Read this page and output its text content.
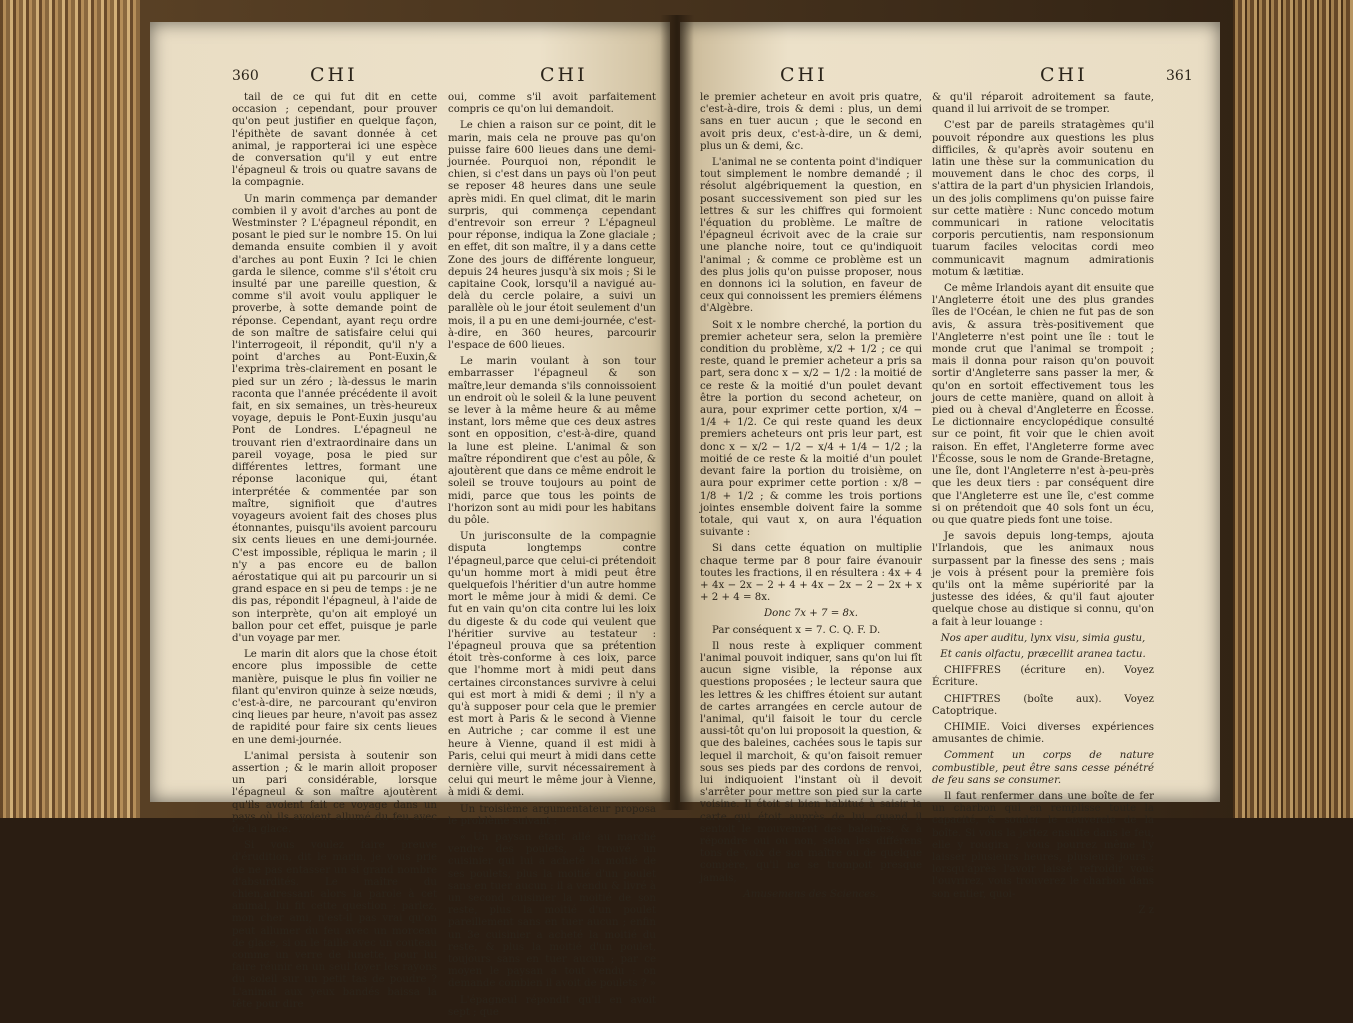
360	CHI	CHI

tail de ce qui fut dit en cette occasion ; cependant, pour prouver qu'on peut justifier en quelque façon, l'épithète de savant donnée à cet animal, je rapporterai ici une espèce de conversation qu'il y eut entre l'épagneul & trois ou quatre savans de la compagnie.

Un marin commença par demander combien il y avoit d'arches au pont de Westminster ? L'épagneul répondit, en posant le pied sur le nombre 15. On lui demanda ensuite combien il y avoit d'arches au pont Euxin ? Ici le chien garda le silence, comme s'il s'étoit cru insulté par une pareille question, & comme s'il avoit voulu appliquer le proverbe, à sotte demande point de réponse. Cependant, ayant reçu ordre de son maître de satisfaire celui qui l'interrogeoit, il répondit, qu'il n'y a point d'arches au Pont-Euxin,& l'exprima très-clairement en posant le pied sur un zéro ; là-dessus le marin raconta que l'année précédente il avoit fait, en six semaines, un très-heureux voyage, depuis le Pont-Euxin jusqu'au Pont de Londres. L'épagneul ne trouvant rien d'extraordinaire dans un pareil voyage, posa le pied sur différentes lettres, formant une réponse laconique qui, étant interprétée & commentée par son maître, signifioit que d'autres voyageurs avoient fait des choses plus étonnantes, puisqu'ils avoient parcouru six cents lieues en une demi-journée. C'est impossible, répliqua le marin ; il n'y a pas encore eu de ballon aérostatique qui ait pu parcourir un si grand espace en si peu de temps : je ne dis pas, répondit l'épagneul, à l'aide de son interprète, qu'on ait employé un ballon pour cet effet, puisque je parle d'un voyage par mer.

Le marin dit alors que la chose étoit encore plus impossible de cette manière, puisque le plus fin voilier ne filant qu'environ quinze à seize nœuds, c'est-à-dire, ne parcourant qu'environ cinq lieues par heure, n'avoit pas assez de rapidité pour faire six cents lieues en une demi-journée.

L'animal persista à soutenir son assertion ; & le marin alloit proposer un pari considérable, lorsque l'épagneul & son maître ajoutèrent qu'ils avoient fait ce voyage dans un pays où ils avoient allumé du feu avec de la glace.

Si vous voulez faire preuve d'érudition, dit le marin, je vous prie de ne pas entasser un si grand nombre d'absurdités. Le maître du chien,adressant alors la parole à cet animal, lui fit cette question : parlez, mon cher ami, n'est-il pas vrai qu'on peut allumer du feu avec un morceau de glace, si on le taille avec un couteau comme un verre de lunette, pour lui faire réunir en un seul foyer les rayons du soleil sur un petit tas de poudre ? L'animal aux yeux bandés baissa la tête pour dire

oui, comme s'il avoit parfaitement compris ce qu'on lui demandoit.

Le chien a raison sur ce point, dit le marin, mais cela ne prouve pas qu'on puisse faire 600 lieues dans une demi-journée. Pourquoi non, répondit le chien, si c'est dans un pays où l'on peut se reposer 48 heures dans une seule après midi. En quel climat, dit le marin surpris, qui commença cependant d'entrevoir son erreur ? L'épagneul pour réponse, indiqua la Zone glaciale ; en effet, dit son maître, il y a dans cette Zone des jours de différente longueur, depuis 24 heures jusqu'à six mois ; Si le capitaine Cook, lorsqu'il a navigué au-delà du cercle polaire, a suivi un parallèle où le jour étoit seulement d'un mois, il a pu en une demi-journée, c'est-à-dire, en 360 heures, parcourir l'espace de 600 lieues.

Le marin voulant à son tour embarrasser l'épagneul & son maître,leur demanda s'ils connoissoient un endroit où le soleil & la lune peuvent se lever à la même heure & au même instant, lors même que ces deux astres sont en opposition, c'est-à-dire, quand la lune est pleine. L'animal & son maître répondirent que c'est au pôle, & ajoutèrent que dans ce même endroit le soleil se trouve toujours au point de midi, parce que tous les points de l'horizon sont au midi pour les habitans du pôle.

Un jurisconsulte de la compagnie disputa longtemps contre l'épagneul,parce que celui-ci prétendoit qu'un homme mort à midi peut être quelquefois l'héritier d'un autre homme mort le même jour à midi & demi. Ce fut en vain qu'on cita contre lui les loix du digeste & du code qui veulent que l'héritier survive au testateur : l'épagneul prouva que sa prétention étoit très-conforme à ces loix, parce que l'homme mort à midi peut dans certaines circonstances survivre à celui qui est mort à midi & demi ; il n'y a qu'à supposer pour cela que le premier est mort à Paris & le second à Vienne en Autriche ; car comme il est une heure à Vienne, quand il est midi à Paris, celui qui meurt à midi dans cette dernière ville, survit nécessairement à celui qui meurt le même jour à Vienne, à midi & demi.

Un troisième argumentateur proposa le problème suivant :

« Un paysan étant allé au marché vendre des poulets, a trouvé un cuisinier qui lui a acheté la moitié de ses poulets, plus la moitié d'un poulet sans en tuer aucun : il a vendu & livré à un second cuisinier la moitié de son reste, plus la moitié d'un poulet pareillement sans en tuer aucun ; enfin un 3e cuisinier a acheté la moitié du reste, & plus la moitié d'un poulet, toujours sans en tuer aucun ; par ce moyen le paysan a tout vendu : on demande combien il avoit de poulets ? »

L'épagneul répondit qu'il en avoit sept ; que

CHI	CHI	361

le premier acheteur en avoit pris quatre, c'est-à-dire, trois & demi : plus, un demi sans en tuer aucun ; que le second en avoit pris deux, c'est-à-dire, un & demi, plus un & demi, &c.

L'animal ne se contenta point d'indiquer tout simplement le nombre demandé ; il résolut algébriquement la question, en posant successivement son pied sur les lettres & sur les chiffres qui formoient l'équation du problème. Le maître de l'épagneul écrivoit avec de la craie sur une planche noire, tout ce qu'indiquoit l'animal ; & comme ce problème est un des plus jolis qu'on puisse proposer, nous en donnons ici la solution, en faveur de ceux qui connoissent les premiers élémens d'Algèbre.

Soit x le nombre cherché, la portion du premier acheteur sera, selon la première condition du problème, x/2 + 1/2 ; ce qui reste, quand le premier acheteur a pris sa part, sera donc x − x/2 − 1/2 : la moitié de ce reste & la moitié d'un poulet devant être la portion du second acheteur, on aura, pour exprimer cette portion, x/4 − 1/4 + 1/2. Ce qui reste quand les deux premiers acheteurs ont pris leur part, est donc x − x/2 − 1/2 − x/4 + 1/4 − 1/2 ; la moitié de ce reste & la moitié d'un poulet devant faire la portion du troisième, on aura pour exprimer cette portion : x/8 − 1/8 + 1/2 ; & comme les trois portions jointes ensemble doivent faire la somme totale, qui vaut x, on aura l'équation suivante :

Si dans cette équation on multiplie chaque terme par 8 pour faire évanouir toutes les fractions, il en résultera : 4x + 4 + 4x − 2x − 2 + 4 + 4x − 2x − 2 − 2x + x + 2 + 4 = 8x.

Donc 7x + 7 = 8x.

Par conséquent x = 7. C. Q. F. D.

Il nous reste à expliquer comment l'animal pouvoit indiquer, sans qu'on lui fît aucun signe visible, la réponse aux questions proposées ; le lecteur saura que les lettres & les chiffres étoient sur autant de cartes arrangées en cercle autour de l'animal, qu'il faisoit le tour du cercle aussi-tôt qu'on lui proposoit la question, & que des baleines, cachées sous le tapis sur lequel il marchoit, & qu'on faisoit remuer sous ses pieds par des cordons de renvoi, lui indiquoient l'instant où il devoit s'arrêter pour mettre son pied sur la carte voisine. Il étoit si bien habitué à saisir la carte qui étoit auprès de lui, quand il sentoit le mouvement des baleines, & à répondre oui ou non, selon les différens tons de voix de son maître ou de quelque compère, qu'il ne se trompoit presque jamais,

Amusemens des Sciences.

& qu'il réparoit adroitement sa faute, quand il lui arrivoit de se tromper.

C'est par de pareils stratagèmes qu'il pouvoit répondre aux questions les plus difficiles, & qu'après avoir soutenu en latin une thèse sur la communication du mouvement dans le choc des corps, il s'attira de la part d'un physicien Irlandois, un des jolis complimens qu'on puisse faire sur cette matière : Nunc concedo motum communicari in ratione velocitatis corporis percutientis, nam responsionum tuarum faciles velocitas cordi meo communicavit magnum admirationis motum & lætitiæ.

Ce même Irlandois ayant dit ensuite que l'Angleterre étoit une des plus grandes îles de l'Océan, le chien ne fut pas de son avis, & assura très-positivement que l'Angleterre n'est point une île : tout le monde crut que l'animal se trompoit ; mais il donna pour raison qu'on pouvoit sortir d'Angleterre sans passer la mer, & qu'on en sortoit effectivement tous les jours de cette manière, quand on alloit à pied ou à cheval d'Angleterre en Écosse. Le dictionnaire encyclopédique consulté sur ce point, fit voir que le chien avoit raison. En effet, l'Angleterre forme avec l'Écosse, sous le nom de Grande-Bretagne, une île, dont l'Angleterre n'est à-peu-près que les deux tiers : par conséquent dire que l'Angleterre est une île, c'est comme si on prétendoit que 40 sols font un écu, ou que quatre pieds font une toise.

Je savois depuis long-temps, ajouta l'Irlandois, que les animaux nous surpassent par la finesse des sens ; mais je vois à présent pour la première fois qu'ils ont la même supériorité par la justesse des idées, & qu'il faut ajouter quelque chose au distique si connu, qu'on a fait à leur louange :

Nos aper auditu, lynx visu, simia gustu,

Et canis olfactu, præcellit aranea tactu.

CHIFFRES (écriture en). Voyez Écriture.

CHIFTRES (boîte aux). Voyez Catoptrique.

CHIMIE. Voici diverses expériences amusantes de chimie.

Comment un corps de nature combustible, peut être sans cesse pénétré de feu sans se consumer.

Il faut renfermer dans une boîte de fer un charbon qui en remplisse toute la capacité, & souder le couvercle de la boîte. Si vous la jettez ensuite dans le feu, elle y rougira ; vous pourrez même l'y laisser plusieurs heures, plusieurs jours ; lorsqu'après l'avoir laissé refroidir vous l'ouvrirez, vous trouverez le charbon dans son entier, quoi-

Z z
